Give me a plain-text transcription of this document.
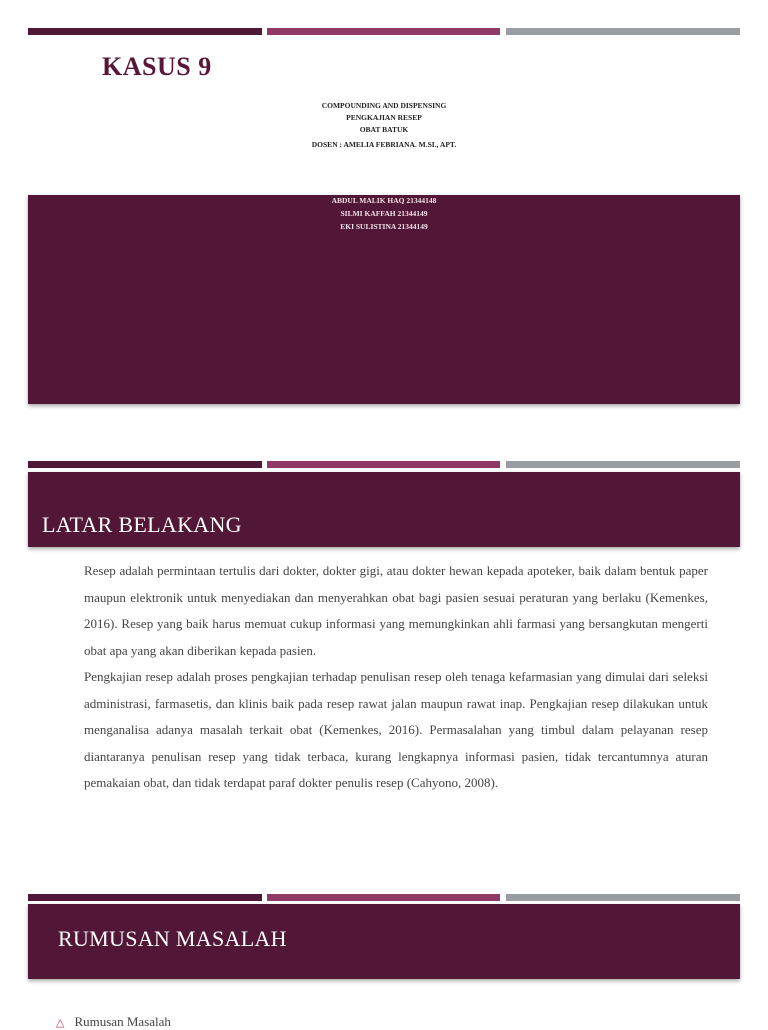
KASUS 9
COMPOUNDING AND DISPENSING
PENGKAJIAN RESEP
OBAT BATUK
DOSEN : AMELIA FEBRIANA. M.SI., APT.
ABDUL MALIK HAQ 21344148
SILMI KAFFAH 21344149
EKI SULISTINA 21344149
LATAR BELAKANG

Resep adalah permintaan tertulis dari dokter, dokter gigi, atau dokter hewan kepada apoteker, baik dalam bentuk paper maupun elektronik untuk menyediakan dan menyerahkan obat bagi pasien sesuai peraturan yang berlaku (Kemenkes, 2016). Resep yang baik harus memuat cukup informasi yang memungkinkan ahli farmasi yang bersangkutan mengerti obat apa yang akan diberikan kepada pasien.

Pengkajian resep adalah proses pengkajian terhadap penulisan resep oleh tenaga kefarmasian yang dimulai dari seleksi administrasi, farmasetis, dan klinis baik pada resep rawat jalan maupun rawat inap. Pengkajian resep dilakukan untuk menganalisa adanya masalah terkait obat (Kemenkes, 2016). Permasalahan yang timbul dalam pelayanan resep diantaranya penulisan resep yang tidak terbaca, kurang lengkapnya informasi pasien, tidak tercantumnya aturan pemakaian obat, dan tidak terdapat paraf dokter penulis resep (Cahyono, 2008).

RUMUSAN MASALAH
△ Rumusan Masalah
